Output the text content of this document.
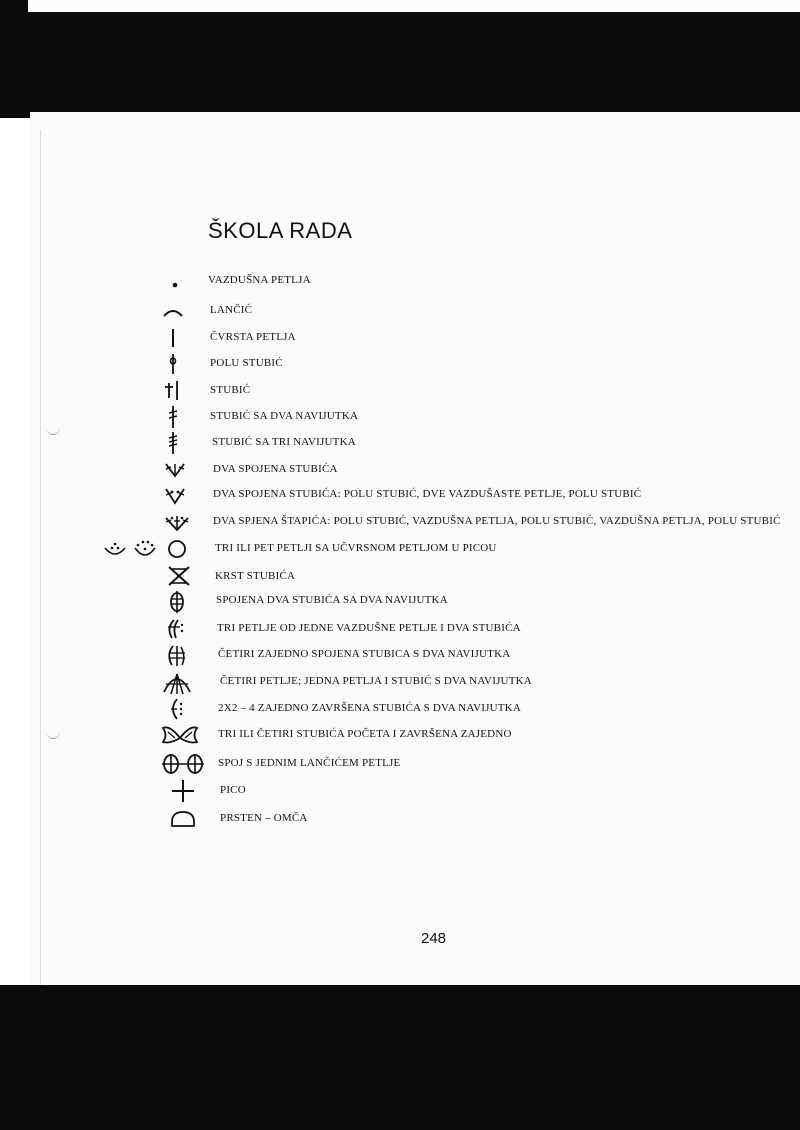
ŠKOLA RADA
VAZDUŠNA PETLJA
LANČIĆ
ČVRSTA PETLJA
POLU STUBIĆ
STUBIĆ
STUBIĆ SA DVA NAVIJUTKA
STUBIĆ SA TRI NAVIJUTKA
DVA SPOJENA STUBIĆA
DVA SPOJENA STUBIĆA: POLU STUBIĆ, DVE VAZDUŠASTE PETLJE, POLU STUBIĆ
DVA SPJENA ŠTAPIĆA: POLU STUBIĆ, VAZDUŠNA PETLJA, POLU STUBIĆ, VAZDUŠNA PETLJA, POLU STUBIĆ
TRI ILI PET PETLJI SA UČVRSNOM PETLJOM U PICOU
KRST STUBIĆA
SPOJENA DVA STUBIĆA SA DVA NAVIJUTKA
TRI PETLJE OD JEDNE VAZDUŠNE PETLJE I DVA STUBIĆA
ČETIRI ZAJEDNO SPOJENA STUBICA S DVA NAVIJUTKA
ČETIRI PETLJE; JEDNA PETLJA I STUBIĆ S DVA NAVIJUTKA
2X2 – 4 ZAJEDNO ZAVRŠENA STUBIĆA S DVA NAVIJUTKA
TRI ILI ČETIRI STUBIĆA POČETA I ZAVRŠENA ZAJEDNO
SPOJ S JEDNIM LANČIĆEM PETLJE
PICO
PRSTEN – OMČA
248
